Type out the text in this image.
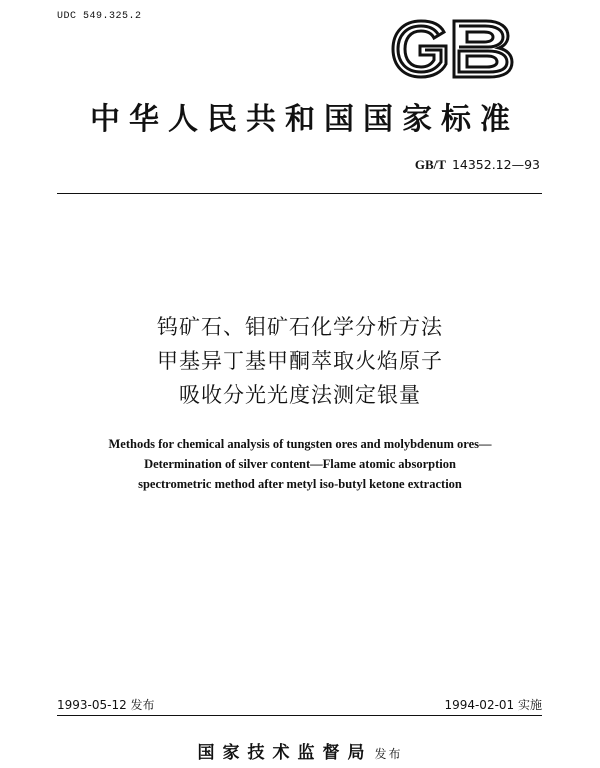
UDC 549.325.2
中华人民共和国国家标准
GB/T 14352.12—93
钨矿石、钼矿石化学分析方法
甲基异丁基甲酮萃取火焰原子
吸收分光光度法测定银量
Methods for chemical analysis of tungsten ores and molybdenum ores—
Determination of silver content—Flame atomic absorption
spectrometric method after metyl iso-butyl ketone extraction
1993-05-12 发布	1994-02-01 实施
国家技术监督局 发布
